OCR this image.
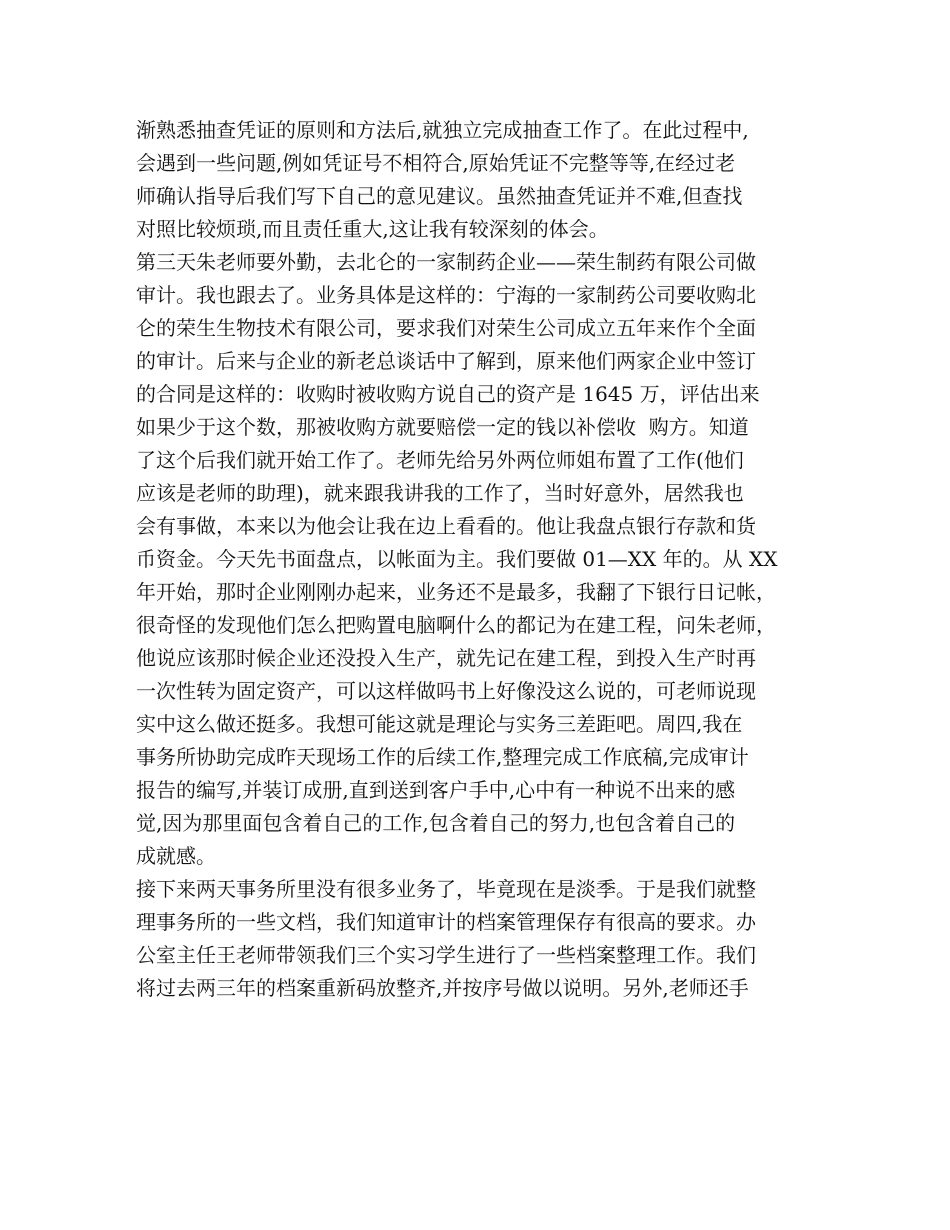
渐熟悉抽查凭证的原则和方法后,就独立完成抽查工作了。在此过程中,
会遇到一些问题,例如凭证号不相符合,原始凭证不完整等等,在经过老
师确认指导后我们写下自己的意见建议。虽然抽查凭证并不难,但查找
对照比较烦琐,而且责任重大,这让我有较深刻的体会。
第三天朱老师要外勤，去北仑的一家制药企业——荣生制药有限公司做
审计。我也跟去了。业务具体是这样的：宁海的一家制药公司要收购北
仑的荣生生物技术有限公司，要求我们对荣生公司成立五年来作个全面
的审计。后来与企业的新老总谈话中了解到，原来他们两家企业中签订
的合同是这样的：收购时被收购方说自己的资产是 1645 万，评估出来
如果少于这个数，那被收购方就要赔偿一定的钱以补偿收  购方。知道
了这个后我们就开始工作了。老师先给另外两位师姐布置了工作(他们
应该是老师的助理)，就来跟我讲我的工作了，当时好意外，居然我也
会有事做，本来以为他会让我在边上看看的。他让我盘点银行存款和货
币资金。今天先书面盘点，以帐面为主。我们要做 01—XX 年的。从 XX
年开始，那时企业刚刚办起来，业务还不是最多，我翻了下银行日记帐，
很奇怪的发现他们怎么把购置电脑啊什么的都记为在建工程，问朱老师，
他说应该那时候企业还没投入生产，就先记在建工程，到投入生产时再
一次性转为固定资产，可以这样做吗书上好像没这么说的，可老师说现
实中这么做还挺多。我想可能这就是理论与实务三差距吧。周四,我在
事务所协助完成昨天现场工作的后续工作,整理完成工作底稿,完成审计
报告的编写,并装订成册,直到送到客户手中,心中有一种说不出来的感
觉,因为那里面包含着自己的工作,包含着自己的努力,也包含着自己的
成就感。
接下来两天事务所里没有很多业务了，毕竟现在是淡季。于是我们就整
理事务所的一些文档，我们知道审计的档案管理保存有很高的要求。办
公室主任王老师带领我们三个实习学生进行了一些档案整理工作。我们
将过去两三年的档案重新码放整齐,并按序号做以说明。另外,老师还手
